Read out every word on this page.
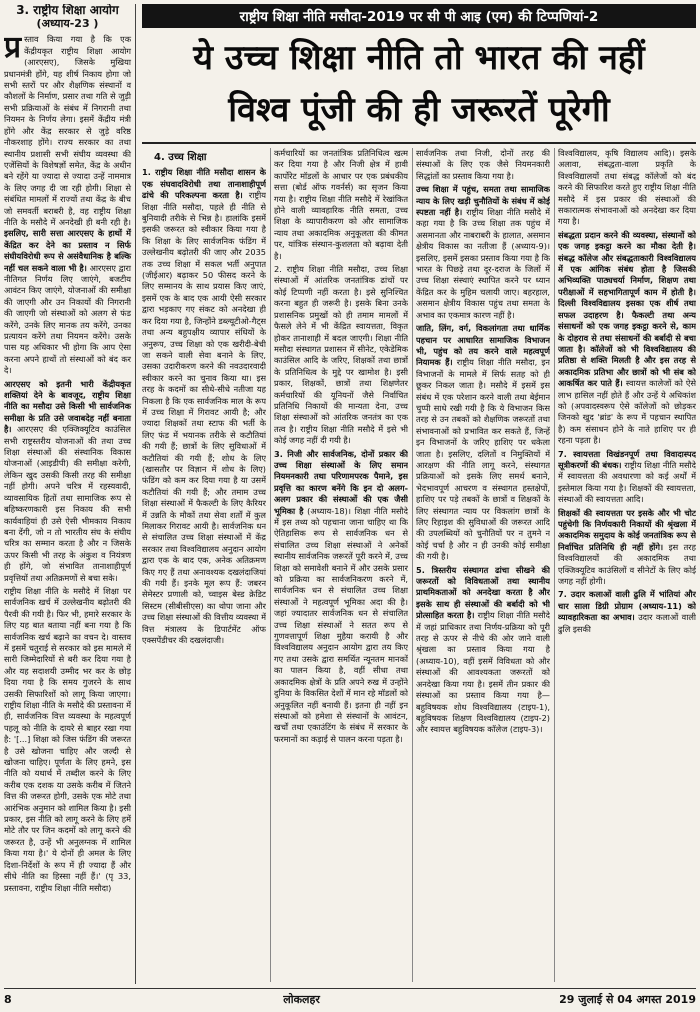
3. राष्ट्रीय शिक्षा आयोग
(अध्याय-23 )
प्र स्ताव किया गया है कि एक केंद्रीयकृत राष्ट्रीय शिक्षा आयोग (आरएसए), जिसके मुखिया प्रधानमंत्री होंगे, यह शीर्ष निकाय होगा जो सभी स्तरों पर और शैक्षणिक संस्थानों व कौशलों के निर्माण, प्रसार तथा गति से जुड़ी सभी प्रक्रियाओं के संबंध में निगरानी तथा नियमन के निर्णय लेगा। इसमें केंद्रीय मंत्री होंगे और केंद्र सरकार से जुड़े वरिष्ठ नौकरशाह होंगे। राज्य सरकार का तथा स्थानीय प्रशासी सभी संघीय व्यवस्था की एजेंसियों के विशेषज्ञों समेत, केंद्र के अधीन बने रहेंगे या ज्यादा से ज्यादा उन्हें नाममात्र के लिए जगह दी जा रही होगी। शिक्षा से संबंधित मामलों में राज्यों तथा केंद्र के बीच जो समवर्ती बराबरी है, वह राष्ट्रीय शिक्षा नीति के मसौदे में अनदेखी ही बनी रही है। इसलिए, सारी सत्ता आरएसए के हाथों में केंद्रित कर देने का प्रस्ताव न सिर्फ संघीयविरोधी रूप से असंवैधानिक है बल्कि नहीं चल सकने वाला भी है। आरएसए द्वारा नीतिगत निर्णय लिए जाएंगे, बजटीय आवंटन किए जाएंगे, योजनाओं की समीक्षा की जाएगी और उन निकायों की निगरानी की जाएगी जो संस्थाओं को अलग से फंड करेंगे, उनके लिए मानक तय करेंगे, उनका प्रत्यायन करेंगे तथा नियमन करेंगे। उसके पास यह अधिकार भी होगा कि आप ऐसा करना अपने हाथों तो संस्थाओं को बंद कर दे।

आरएसए को इतनी भारी केंद्रीयकृत शक्तियां देने के बावजूद, राष्ट्रीय शिक्षा नीति का मसौदा उसे किसी भी सार्वजनिक समीक्षा के प्रति उसे जवाबदेह नहीं बनाता है। आरएसए की एक्जिक्यूटिव काउंसिल सभी राष्ट्रस्तरीय योजनाओं की तथा उच्च शिक्षा संस्थाओं की संस्थानिक विकास योजनाओं (आइडीपी) की समीक्षा करेगी, लेकिन खुद उसकी किसी तरह की समीक्षा नहीं होगी। अपने चरित्र में रहस्यवादी, व्यावसायिक हितों तथा सामाजिक रूप से बहिष्करणकारी इस निकाय की सभी कार्यवाहियां ही उसे ऐसी भीमकाय निकाय बना देंगी, जो न तो भारतीय संघ के संघीय चरित्र का सम्मान करता है और न जिसके ऊपर किसी भी तरह के अंकुश व नियंत्रण ही होंगे, जो संभावित तानाशाहीपूर्ण प्रवृत्तियों तथा अतिक्रमणों से बचा सके।

राष्ट्रीय शिक्षा नीति के मसौदे में शिक्षा पर सार्वजनिक खर्च में उल्लेखनीय बढ़ोतरी की पैरवी की गयी है। फिर भी, हमारे सरकार के लिए यह बात बताया नहीं बना गया है कि सार्वजनिक खर्च बढ़ाने का वचन दे। वास्तव में इसमें चतुराई से सरकार को इस मामले में सारी जिम्मेदारियों से बरी कर दिया गया है और यह सदाशयी उम्मीद भर कर के छोड़ दिया गया है कि समय गुजरने के साथ उसकी सिफारिशों को लागू किया जाएगा। राष्ट्रीय शिक्षा नीति के मसौदे की प्रस्तावना में ही, सार्वजनिक वित्त व्यवस्था के महत्वपूर्ण पहलू को नीति के दायरे से बाहर रखा गया है: '[...] शिक्षा को जिस फंडिंग की जरूरत है उसे खोजना चाहिए और जल्दी से खोजना चाहिए। पूर्णता के लिए हमने, इस नीति को यथार्थ में तब्दील करने के लिए करीब एक दशक या उसके करीब में जितने वित्त की जरूरत होगी, उसके एक मोटे तथा आरंभिक अनुमान को शामिल किया है। इसी प्रकार, इस नीति को लागू करने के लिए हमें मोटे तौर पर जिन कदमों को लागू करने की जरूरत है, उन्हें भी अनुलग्नक में शामिल किया गया है।' ये दोनों ही अमल के लिए दिशा-निर्देशों के रूप में ही ज्यादा हैं और सीधे नीति का हिस्सा नहीं हैं।' (पृ 33, प्रस्तावना, राष्ट्रीय शिक्षा नीति मसौदा)

राष्ट्रीय शिक्षा नीति मसौदा-2019 पर सी पी आइ (एम) की टिप्पणियां-2
ये उच्च शिक्षा नीति तो भारत की नहीं
विश्व पूंजी की ही जरूरतें पूरेगी
4. उच्च शिक्षा

1. राष्ट्रीय शिक्षा नीति मसौदा शासन के एक संघवादविरोधी तथा तानाशाहीपूर्ण ढांचे की परिकल्पना करता है। राष्ट्रीय शिक्षा नीति मसौदा, पहले ही नीति से बुनियादी तरीके से भिन्न है। हालांकि इसमें इसकी जरूरत को स्वीकार किया गया है कि शिक्षा के लिए सार्वजनिक फंडिंग में उल्लेखनीय बढ़ोतरी की जाए और 2035 तक उच्च शिक्षा में सकल भर्ती अनुपात (जीईआर) बढ़ाकर 50 फीसद करने के लिए सम्मानय के साथ प्रयास किए जाएं, इसमें एक के बाद एक आयी ऐसी सरकार द्वारा भड़काए गए संकट को अनदेखा ही कर दिया गया है, जिन्होंने डब्ल्यूटीओ-गैट्स तथा अन्य बहुपक्षीय व्यापार संधियों के अनुरूप, उच्च शिक्षा को एक खरीदी-बेची जा सकने वाली सेवा बनाने के लिए, उसका उदारीकरण करने की नवउदारवादी स्वीकार करने का चुनाव किया था। इस तरह के कदमों का सीधे-सीधे नतीजा यह निकला है कि एक सार्वजनिक माल के रूप में उच्च शिक्षा में गिरावट आयी है; और ज्यादा शिक्षकों तथा स्टाफ की भर्ती के लिए फंड में भयानक तरीके से कटौतियां की गयी हैं; छात्रों के लिए सुविधाओं में कटौतियां की गयी हैं; शोध के लिए (खासतौर पर विज्ञान में शोध के लिए) फंडिंग को कम कर दिया गया है या उसमें कटौतियां की गयी हैं; और तमाम उच्च शिक्षा संस्थाओं में फैकल्टी के लिए कैरियर में उन्नति के मौकों तथा सेवा शर्तों में कुल मिलाकर गिरावट आयी है। सार्वजनिक धन से संचालित उच्च शिक्षा संस्थाओं में केंद्र सरकार तथा विश्वविद्यालय अनुदान आयोग द्वारा एक के बाद एक, अनेक अतिक्रमण किए गए हैं तथा अनावश्यक दखलंदाजियां की गयी हैं। इनके मूल रूप हैं: जबरन सेमेस्टर प्रणाली को, च्वाइस बेस्ड क्रेडिट सिस्टम (सीबीसीएस) का थोपा जाना और उच्च शिक्षा संस्थाओं की वित्तीय व्यवस्था में वित्त मंत्रालय के डिपार्टमेंट ऑफ एक्सपेंडीचर की दखलंदाजी।

कर्मचारियों का जनतांत्रिक प्रतिनिधित्व खत्म कर दिया गया है और निजी क्षेत्र में हावी कार्पोरेट मॉडलों के आधार पर एक प्रबंधकीय सत्ता (बोर्ड ऑफ गवर्नर्स) का सृजन किया गया है। राष्ट्रीय शिक्षा नीति मसौदे में रेखांकित होने वाली व्यावहारिक नीति समता, उच्च शिक्षा के व्यापारीकरण को और सामाजिक न्याय तथा अकादमिक अनुकूलता की कीमत पर, यांत्रिक संस्थान-कुशलता को बढ़ावा देती है।

2. राष्ट्रीय शिक्षा नीति मसौदा, उच्च शिक्षा संस्थाओं में आंतरिक जनतांत्रिक ढांचों पर कोई टिप्पणी नहीं करता है। इसे सुनिश्चित करना बहुत ही जरूरी है। इसके बिना उनके प्रशासनिक प्रमुखों को ही तमाम मामलों में फैसले लेने में भी केंद्रित स्वायत्तता, विकृत होकर तानाशाही में बदल जाएगी। शिक्षा नीति मसौदा संस्थागत प्रशासन में सीनेट, एकेडेमिक काउंसिल आदि के जरिए, शिक्षकों तथा छात्रों के प्रतिनिधित्व के मुद्दे पर खामोश है। इसी प्रकार, शिक्षकों, छात्रों तथा शिक्षणेतर कर्मचारियों की यूनियनों जैसे निर्वाचित प्रतिनिधि निकायों की मान्यता देना, उच्च शिक्षा संस्थाओं को आंतरिक जनतंत्र का एक तत्व है। राष्ट्रीय शिक्षा नीति मसौदे में इसे भी कोई जगह नहीं दी गयी है।

3. निजी और सार्वजनिक, दोनों प्रकार की उच्च शिक्षा संस्थाओं के लिए समान नियमनकारी तथा परिणामपरक पैमाने, इस प्रवृत्ति का कारण बनेंगे कि इन दो अलग-अलग प्रकार की संस्थाओं की एक जैसी भूमिका है (अध्याय-18)। शिक्षा नीति मसौदे में इस तथ्य को पहचाना जाना चाहिए था कि ऐतिहासिक रूप से सार्वजनिक धन से संचालित उच्च शिक्षा संस्थाओं ने अनेकों स्थानीय सार्वजनिक जरूरतें पूरी करने में, उच्च शिक्षा को समावेशी बनाने में और उसके प्रसार को प्रक्रिया का सार्वजनिकरण करने में, सार्वजनिक धन से संचालित उच्च शिक्षा संस्थाओं ने महत्वपूर्ण भूमिका अदा की है। जहां ज्यादातर सार्वजनिक धन से संचालित उच्च शिक्षा संस्थाओं ने सतत रूप से गुणवत्तापूर्ण शिक्षा मुहैया करायी है और विश्वविद्यालय अनुदान आयोग द्वारा तय किए गए तथा उसके द्वारा समर्थित न्यूनतम मानकों का पालन किया है, वहीं सीधा तथा अकादमिक क्षेत्रों के प्रति अपने रुख में उन्होंने दुनिया के विकसित देशों में मान रहे मॉडलों को अनुकूलित नहीं बनायी हैं। इतना ही नहीं इन संस्थाओं को हमेशा से संस्थानों के आवंटन, खर्चों तथा एकाउंटिंग के संबंध में सरकार के फरमानों का कड़ाई से पालन करना पड़ता है।

सार्वजनिक तथा निजी, दोनों तरह की संस्थाओं के लिए एक जैसे नियमनकारी सिद्धांतों का प्रस्ताव किया गया है।

उच्च शिक्षा में पहुंच, समता तथा सामाजिक न्याय के लिए खड़ी चुनौतियों के संबंध में कोई स्पष्टता नहीं है। राष्ट्रीय शिक्षा नीति मसौदे में कहा गया है कि उच्च शिक्षा तक पहुंच में असमानता और नाबराबरी के हालात, असमान क्षेत्रीय विकास का नतीजा हैं (अध्याय-9)। इसलिए, इसमें इसका प्रस्ताव किया गया है कि भारत के पिछड़े तथा दूर-दराज के जिलों में उच्च शिक्षा संस्थाएं स्थापित करने पर ध्यान केंद्रित कर के मुहिम चलायी जाए। बहरहाल, असमान क्षेत्रीय विकास पहुंच तथा समता के अभाव का एकमात्र कारण नहीं है।

जाति, लिंग, वर्ग, विकलांगता तथा धार्मिक पहचान पर आधारित सामाजिक विभाजन भी, पहुंच को तय करने वाले महत्वपूर्ण नियामक हैं। राष्ट्रीय शिक्षा नीति मसौदा, इन विभाजनों के मामले में सिर्फ सतह को ही छूकर निकल जाता है। मसौदे में इसमें इस संबंध में एक परेशान करने वाली तथा बेईमान चुप्पी साधे रखी गयी है कि ये विभाजन किस तरह से उन तबकों को शैक्षणिक जरूरतों तथा संभावनाओं को प्रभावित कर सकते हैं, जिन्हें इन विभाजनों के जरिए हाशिए पर धकेला जाता है। इसलिए, दलितों व निमुक्तियों में आरक्षण की नीति लागू करने, संस्थागत प्रक्रियाओं को इसके लिए समर्थ बनाने, भेदभावपूर्ण आचरण व संस्थागत हस्तक्षेपों, हाशिए पर पड़े तबकों के छात्रों व शिक्षकों के लिए संस्थागत न्याय पर विकलांग छात्रों के लिए रिहाइश की सुविधाओं की जरूरत आदि की उपलब्धियों को चुनौतियों पर न तुमने न कोई चर्चा है और न ही उनकी कोई समीक्षा की गयी है।

5. त्रिस्तरीय संस्थागत ढांचा सीखने की जरूरतों को विविधताओं तथा स्थानीय प्राथमिकताओं को अनदेखा करता है और इसके साथ ही संस्थाओं की बर्बादी को भी प्रोत्साहित करता है। राष्ट्रीय शिक्षा नीति मसौदे में जहां प्राधिकार तथा निर्णय-प्रक्रिया को पूरी तरह से ऊपर से नीचे की ओर जाने वाली श्रृंखला का प्रस्ताव किया गया है (अध्याय-10), वहीं इसमें विविधता को और संस्थाओं की आवश्यकता जरूरतों को अनदेखा किया गया है। इसमें तीन प्रकार की संस्थाओं का प्रस्ताव किया गया है—बहुविषयक शोध विश्वविद्यालय (टाइप-1), बहुविषयक शिक्षण विश्वविद्यालय (टाइप-2) और स्वायत्त बहुविषयक कॉलेज (टाइप-3)।

विश्वविद्यालय, कृषि विद्यालय आदि)। इसके अलावा, संबद्धता-वाला प्रकृति के विश्वविद्यालयों तथा संबद्ध कॉलेजों को बंद करने की सिफारिश करते हुए राष्ट्रीय शिक्षा नीति मसौदे में इस प्रकार की संस्थाओं की सकारात्मक संभावनाओं को अनदेखा कर दिया गया है।

संबद्धता प्रदान करने की व्यवस्था, संस्थानों को एक जगह इकट्ठा करने का मौका देती है। संबद्ध कॉलेज और संबद्धताकारी विश्वविद्यालय में एक आंगिक संबंध होता है जिसकी अभिव्यक्ति पाठ्यचर्या निर्माण, शिक्षण तथा परीक्षाओं में सहभागितापूर्ण काम में होती है। दिल्ली विश्वविद्यालय इसका एक शीर्ष तथा सफल उदाहरण है। फैकल्टी तथा अन्य संसाधनों को एक जगह इकट्ठा करने से, काम के दोहराव से तथा संसाधनों की बर्बादी से बचा जाता है। कॉलेजों को भी विश्वविद्यालय की प्रतिष्ठा से शक्ति मिलती है और इस तरह से अकादमिक प्रतिभा और छात्रों को भी संब को आकर्षित कर पाते हैं। स्वायत्त कालेजों को ऐसे लाभ हासिल नहीं होते हैं और उन्हें ये अधिकांश को (अपवादस्वरूप ऐसे कॉलेजों को छोड़कर जिनको खुद 'ब्रांड' के रूप में पहचान स्थापित है) कम संसाधन होने के नाते हाशिए पर ही रहना पड़ता है।

7. स्वायत्तता विखंडनपूर्ण तथा विवादास्पद सूत्रीकरणों की बंधक। राष्ट्रीय शिक्षा नीति मसौदे में स्वायत्तता की अवधारणा को कई अर्थों में इस्तेमाल किया गया है। शिक्षकों की स्वायत्तता, संस्थाओं की स्वायत्तता आदि।

शिक्षकों की स्वायत्तता पर इसके और भी चोट पहुंचेगी कि निर्णयकारी निकायों की श्रृंखला में अकादमिक समुदाय के कोई जनतांत्रिक रूप से निर्वाचित प्रतिनिधि ही नहीं होंगे। इस तरह विश्वविद्यालयों की अकादमिक तथा एक्जिक्यूटिव काउंसिलों व सीनेटों के लिए कोई जगह नहीं होगी।

7. उदार कलाओं वाली ढुलि में भांतियां और चार साला डिग्री प्रोग्राम (अध्याय-11) को व्यावहारिकता का अभाव। उदार कलाओं वाली ढुलि इसकी

8	लोकलहर	29 जुलाई से 04 अगस्त 2019
